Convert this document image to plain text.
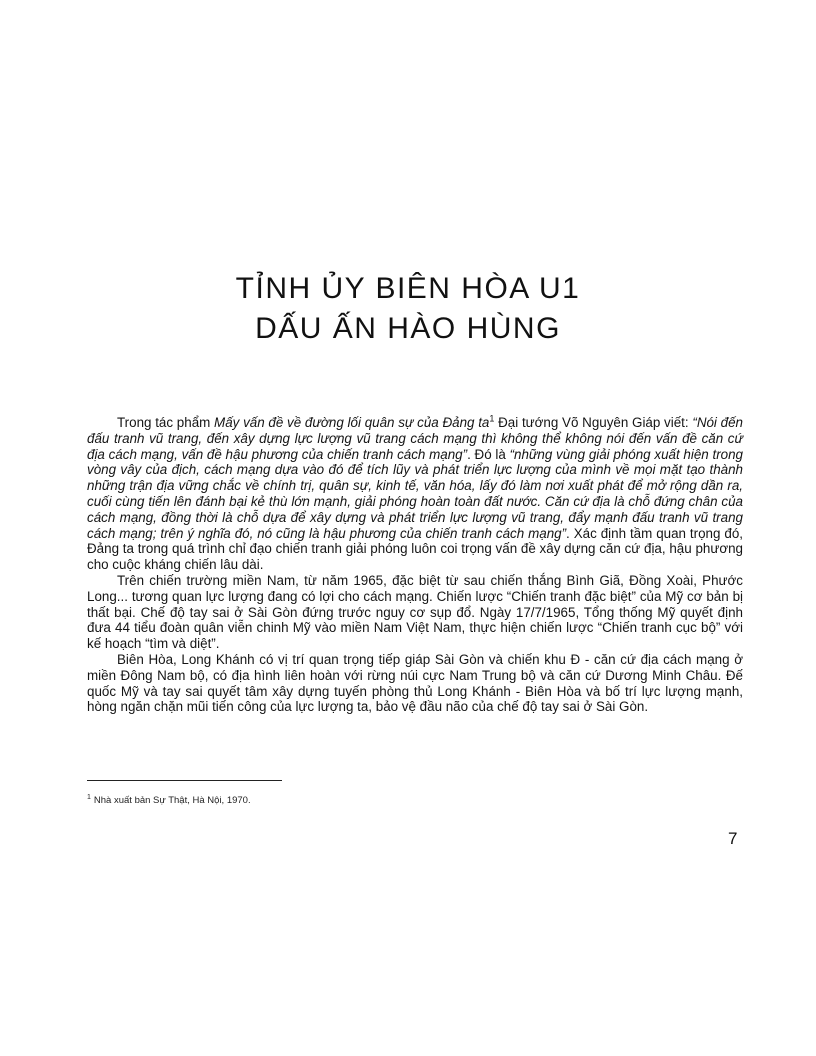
TỈNH ỦY BIÊN HÒA U1
DẤU ẤN HÀO HÙNG

Trong tác phẩm Mấy vấn đề về đường lối quân sự của Đảng $ta^1$ Đại tướng Võ Nguyên Giáp viết: “Nói đến đấu tranh vũ trang, đến xây dựng lực lượng vũ trang cách mạng thì không thể không nói đến vấn đề căn cứ địa cách mạng, vấn đề hậu phương của chiến tranh cách mạng”. Đó là “những vùng giải phóng xuất hiện trong vòng vây của địch, cách mạng dựa vào đó để tích lũy và phát triển lực lượng của mình về mọi mặt tạo thành những trận địa vững chắc về chính trị, quân sự, kinh tế, văn hóa, lấy đó làm nơi xuất phát để mở rộng dần ra, cuối cùng tiến lên đánh bại kẻ thù lớn mạnh, giải phóng hoàn toàn đất nước. Căn cứ địa là chỗ đứng chân của cách mạng, đồng thời là chỗ dựa để xây dựng và phát triển lực lượng vũ trang, đẩy mạnh đấu tranh vũ trang cách mạng; trên ý nghĩa đó, nó cũng là hậu phương của chiến tranh cách mạng”. Xác định tầm quan trọng đó, Đảng ta trong quá trình chỉ đạo chiến tranh giải phóng luôn coi trọng vấn đề xây dựng căn cứ địa, hậu phương cho cuộc kháng chiến lâu dài.

Trên chiến trường miền Nam, từ năm 1965, đặc biệt từ sau chiến thắng Bình Giã, Đồng Xoài, Phước Long... tương quan lực lượng đang có lợi cho cách mạng. Chiến lược “Chiến tranh đặc biệt” của Mỹ cơ bản bị thất bại. Chế độ tay sai ở Sài Gòn đứng trước nguy cơ sụp đổ. Ngày 17/7/1965, Tổng thống Mỹ quyết định đưa 44 tiểu đoàn quân viễn chinh Mỹ vào miền Nam Việt Nam, thực hiện chiến lược “Chiến tranh cục bộ” với kế hoạch “tìm và diệt”.

Biên Hòa, Long Khánh có vị trí quan trọng tiếp giáp Sài Gòn và chiến khu Đ - căn cứ địa cách mạng ở miền Đông Nam bộ, có địa hình liên hoàn với rừng núi cực Nam Trung bộ và căn cứ Dương Minh Châu. Đế quốc Mỹ và tay sai quyết tâm xây dựng tuyến phòng thủ Long Khánh - Biên Hòa và bố trí lực lượng mạnh, hòng ngăn chặn mũi tiến công của lực lượng ta, bảo vệ đầu não của chế độ tay sai ở Sài Gòn.

$^1$ Nhà xuất bản Sự Thật, Hà Nội, 1970.
7
